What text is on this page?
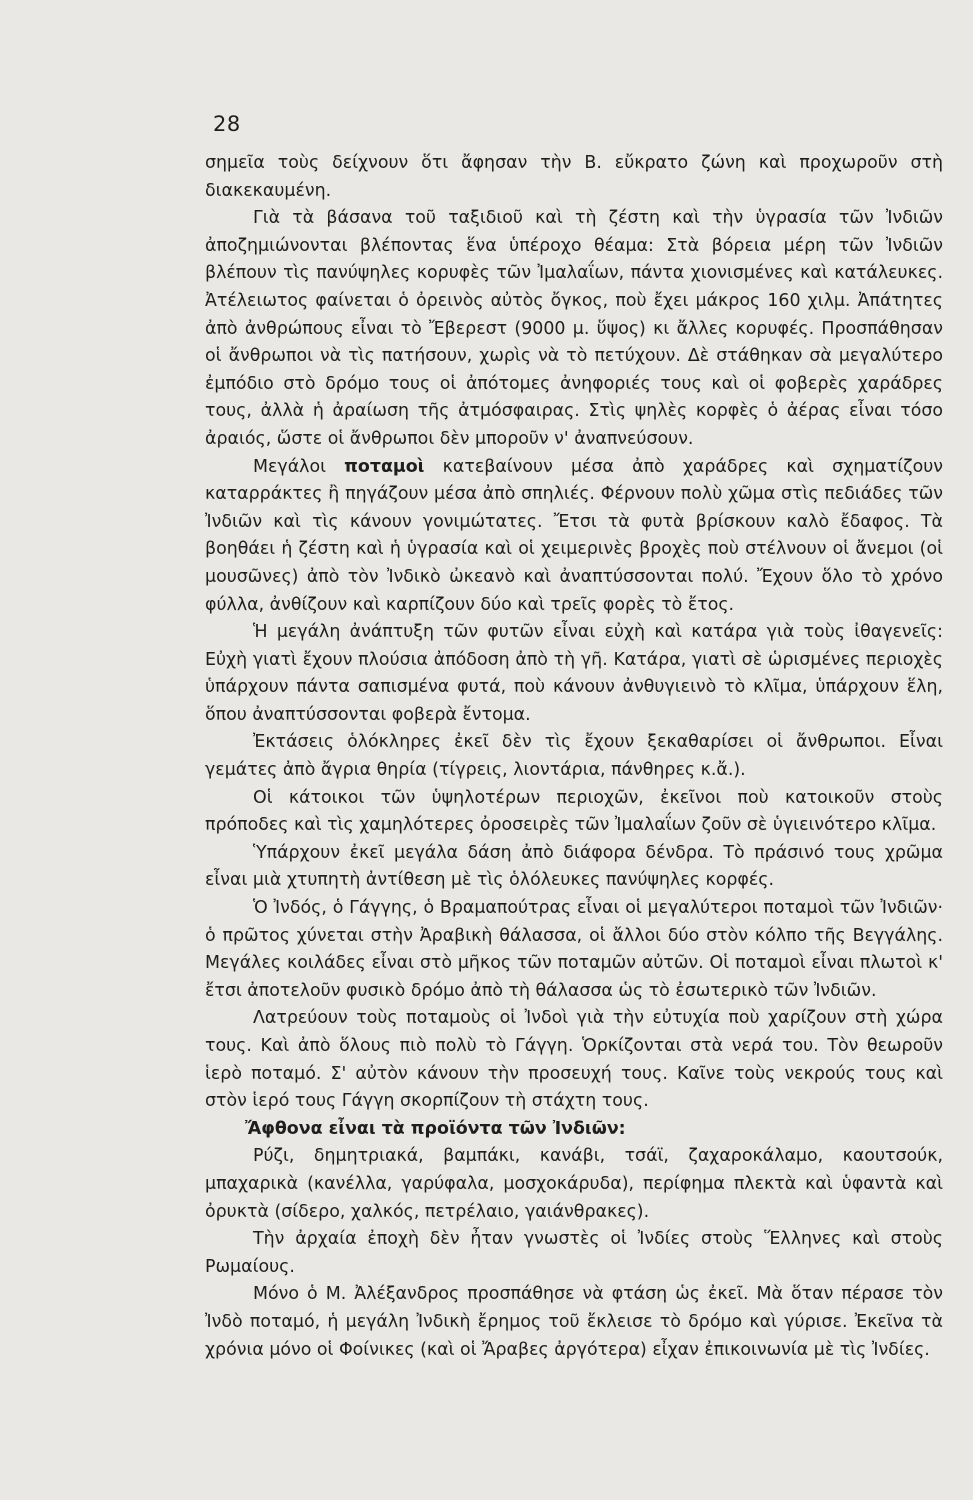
28

σημεῖα τοὺς δείχνουν ὅτι ἄφησαν τὴν Β. εὔκρατο ζώνη καὶ προχωροῦν στὴ διακεκαυμένη.

Γιὰ τὰ βάσανα τοῦ ταξιδιοῦ καὶ τὴ ζέστη καὶ τὴν ὑγρασία τῶν Ἰνδιῶν ἀποζημιώνονται βλέποντας ἕνα ὑπέροχο θέαμα: Στὰ βόρεια μέρη τῶν Ἰνδιῶν βλέπουν τὶς πανύψηλες κορυφὲς τῶν Ἰμαλαΐων, πάντα χιονισμένες καὶ κατάλευκες. Ἀτέλειωτος φαίνεται ὁ ὀρεινὸς αὐτὸς ὄγκος, ποὺ ἔχει μάκρος 160 χιλμ. Ἀπάτητες ἀπὸ ἀνθρώπους εἶναι τὸ Ἔβερεστ (9000 μ. ὕψος) κι ἄλλες κορυφές. Προσπάθησαν οἱ ἄνθρωποι νὰ τὶς πατήσουν, χωρὶς νὰ τὸ πετύχουν. Δὲ στάθηκαν σὰ μεγαλύτερο ἐμπόδιο στὸ δρόμο τους οἱ ἀπότομες ἀνηφοριές τους καὶ οἱ φοβερὲς χαράδρες τους, ἀλλὰ ἡ ἀραίωση τῆς ἀτμόσφαιρας. Στὶς ψηλὲς κορφὲς ὁ ἀέρας εἶναι τόσο ἀραιός, ὥστε οἱ ἄνθρωποι δὲν μποροῦν ν' ἀναπνεύσουν.

Μεγάλοι ποταμοὶ κατεβαίνουν μέσα ἀπὸ χαράδρες καὶ σχηματίζουν καταρράκτες ἢ πηγάζουν μέσα ἀπὸ σπηλιές. Φέρνουν πολὺ χῶμα στὶς πεδιάδες τῶν Ἰνδιῶν καὶ τὶς κάνουν γονιμώτατες. Ἔτσι τὰ φυτὰ βρίσκουν καλὸ ἔδαφος. Τὰ βοηθάει ἡ ζέστη καὶ ἡ ὑγρασία καὶ οἱ χειμερινὲς βροχὲς ποὺ στέλνουν οἱ ἄνεμοι (οἱ μουσῶνες) ἀπὸ τὸν Ἰνδικὸ ὠκεανὸ καὶ ἀναπτύσσονται πολύ. Ἔχουν ὅλο τὸ χρόνο φύλλα, ἀνθίζουν καὶ καρπίζουν δύο καὶ τρεῖς φορὲς τὸ ἔτος.

Ἡ μεγάλη ἀνάπτυξη τῶν φυτῶν εἶναι εὐχὴ καὶ κατάρα γιὰ τοὺς ἰθαγενεῖς: Εὐχὴ γιατὶ ἔχουν πλούσια ἀπόδοση ἀπὸ τὴ γῆ. Κατάρα, γιατὶ σὲ ὡρισμένες περιοχὲς ὑπάρχουν πάντα σαπισμένα φυτά, ποὺ κάνουν ἀνθυγιεινὸ τὸ κλῖμα, ὑπάρχουν ἕλη, ὅπου ἀναπτύσσονται φοβερὰ ἔντομα.

Ἐκτάσεις ὁλόκληρες ἐκεῖ δὲν τὶς ἔχουν ξεκαθαρίσει οἱ ἄνθρωποι. Εἶναι γεμάτες ἀπὸ ἄγρια θηρία (τίγρεις, λιοντάρια, πάνθηρες κ.ἄ.).

Οἱ κάτοικοι τῶν ὑψηλοτέρων περιοχῶν, ἐκεῖνοι ποὺ κατοικοῦν στοὺς πρόποδες καὶ τὶς χαμηλότερες ὀροσειρὲς τῶν Ἰμαλαΐων ζοῦν σὲ ὑγιεινότερο κλῖμα.

Ὑπάρχουν ἐκεῖ μεγάλα δάση ἀπὸ διάφορα δένδρα. Τὸ πράσινό τους χρῶμα εἶναι μιὰ χτυπητὴ ἀντίθεση μὲ τὶς ὁλόλευκες πανύψηλες κορφές.

Ὁ Ἰνδός, ὁ Γάγγης, ὁ Βραμαπούτρας εἶναι οἱ μεγαλύτεροι ποταμοὶ τῶν Ἰνδιῶν· ὁ πρῶτος χύνεται στὴν Ἀραβικὴ θάλασσα, οἱ ἄλλοι δύο στὸν κόλπο τῆς Βεγγάλης. Μεγάλες κοιλάδες εἶναι στὸ μῆκος τῶν ποταμῶν αὐτῶν. Οἱ ποταμοὶ εἶναι πλωτοὶ κ' ἔτσι ἀποτελοῦν φυσικὸ δρόμο ἀπὸ τὴ θάλασσα ὡς τὸ ἐσωτερικὸ τῶν Ἰνδιῶν.

Λατρεύουν τοὺς ποταμοὺς οἱ Ἰνδοὶ γιὰ τὴν εὐτυχία ποὺ χαρίζουν στὴ χώρα τους. Καὶ ἀπὸ ὅλους πιὸ πολὺ τὸ Γάγγη. Ὁρκίζονται στὰ νερά του. Τὸν θεωροῦν ἱερὸ ποταμό. Σ' αὐτὸν κάνουν τὴν προσευχή τους. Καῖνε τοὺς νεκρούς τους καὶ στὸν ἱερό τους Γάγγη σκορπίζουν τὴ στάχτη τους.

Ἄφθονα εἶναι τὰ προϊόντα τῶν Ἰνδιῶν:

Ρύζι, δημητριακά, βαμπάκι, κανάβι, τσάϊ, ζαχαροκάλαμο, καουτσούκ, μπαχαρικὰ (κανέλλα, γαρύφαλα, μοσχοκάρυδα), περίφημα πλεκτὰ καὶ ὑφαντὰ καὶ ὀρυκτὰ (σίδερο, χαλκός, πετρέλαιο, γαιάνθρακες).

Τὴν ἀρχαία ἐποχὴ δὲν ἦταν γνωστὲς οἱ Ἰνδίες στοὺς Ἕλληνες καὶ στοὺς Ρωμαίους.

Μόνο ὁ Μ. Ἀλέξανδρος προσπάθησε νὰ φτάση ὡς ἐκεῖ. Μὰ ὅταν πέρασε τὸν Ἰνδὸ ποταμό, ἡ μεγάλη Ἰνδικὴ ἔρημος τοῦ ἔκλεισε τὸ δρόμο καὶ γύρισε. Ἐκεῖνα τὰ χρόνια μόνο οἱ Φοίνικες (καὶ οἱ Ἄραβες ἀργότερα) εἶχαν ἐπικοινωνία μὲ τὶς Ἰνδίες.
